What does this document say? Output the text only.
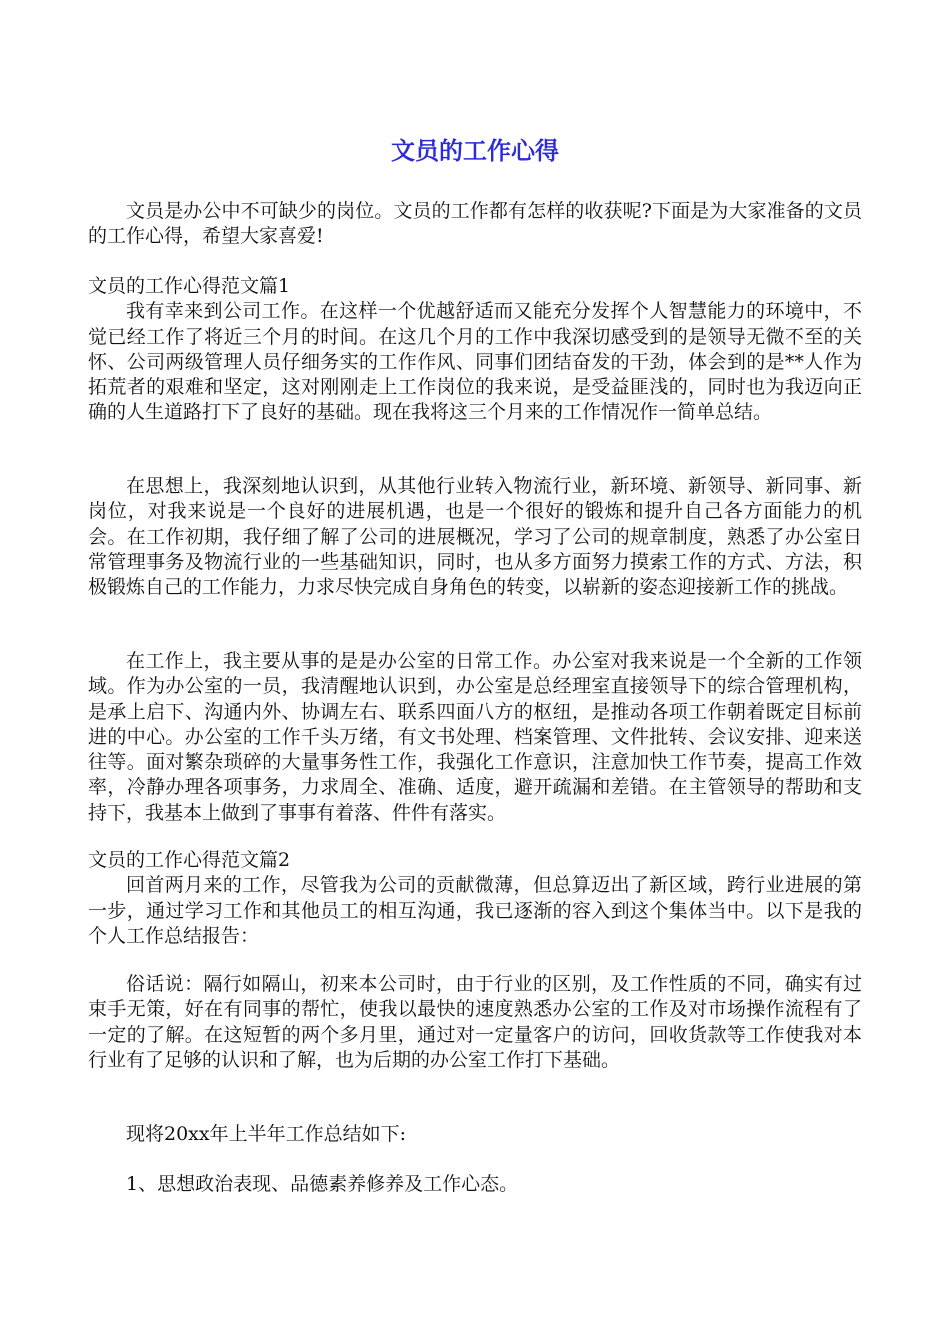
文员的工作心得

文员是办公中不可缺少的岗位。文员的工作都有怎样的收获呢?下面是为大家准备的文员的工作心得，希望大家喜爱!

文员的工作心得范文篇1

我有幸来到公司工作。在这样一个优越舒适而又能充分发挥个人智慧能力的环境中，不觉已经工作了将近三个月的时间。在这几个月的工作中我深切感受到的是领导无微不至的关怀、公司两级管理人员仔细务实的工作作风、同事们团结奋发的干劲，体会到的是**人作为拓荒者的艰难和坚定，这对刚刚走上工作岗位的我来说，是受益匪浅的，同时也为我迈向正确的人生道路打下了良好的基础。现在我将这三个月来的工作情况作一简单总结。

在思想上，我深刻地认识到，从其他行业转入物流行业，新环境、新领导、新同事、新岗位，对我来说是一个良好的进展机遇，也是一个很好的锻炼和提升自己各方面能力的机会。在工作初期，我仔细了解了公司的进展概况，学习了公司的规章制度，熟悉了办公室日常管理事务及物流行业的一些基础知识，同时，也从多方面努力摸索工作的方式、方法，积极锻炼自己的工作能力，力求尽快完成自身角色的转变，以崭新的姿态迎接新工作的挑战。

在工作上，我主要从事的是是办公室的日常工作。办公室对我来说是一个全新的工作领域。作为办公室的一员，我清醒地认识到，办公室是总经理室直接领导下的综合管理机构，是承上启下、沟通内外、协调左右、联系四面八方的枢纽，是推动各项工作朝着既定目标前进的中心。办公室的工作千头万绪，有文书处理、档案管理、文件批转、会议安排、迎来送往等。面对繁杂琐碎的大量事务性工作，我强化工作意识，注意加快工作节奏，提高工作效率，冷静办理各项事务，力求周全、准确、适度，避开疏漏和差错。在主管领导的帮助和支持下，我基本上做到了事事有着落、件件有落实。

文员的工作心得范文篇2

回首两月来的工作，尽管我为公司的贡献微薄，但总算迈出了新区域，跨行业进展的第一步，通过学习工作和其他员工的相互沟通，我已逐渐的容入到这个集体当中。以下是我的个人工作总结报告：

俗话说：隔行如隔山，初来本公司时，由于行业的区别，及工作性质的不同，确实有过束手无策，好在有同事的帮忙，使我以最快的速度熟悉办公室的工作及对市场操作流程有了一定的了解。在这短暂的两个多月里，通过对一定量客户的访问，回收货款等工作使我对本行业有了足够的认识和了解，也为后期的办公室工作打下基础。

现将20xx年上半年工作总结如下:

1、思想政治表现、品德素养修养及工作心态。
